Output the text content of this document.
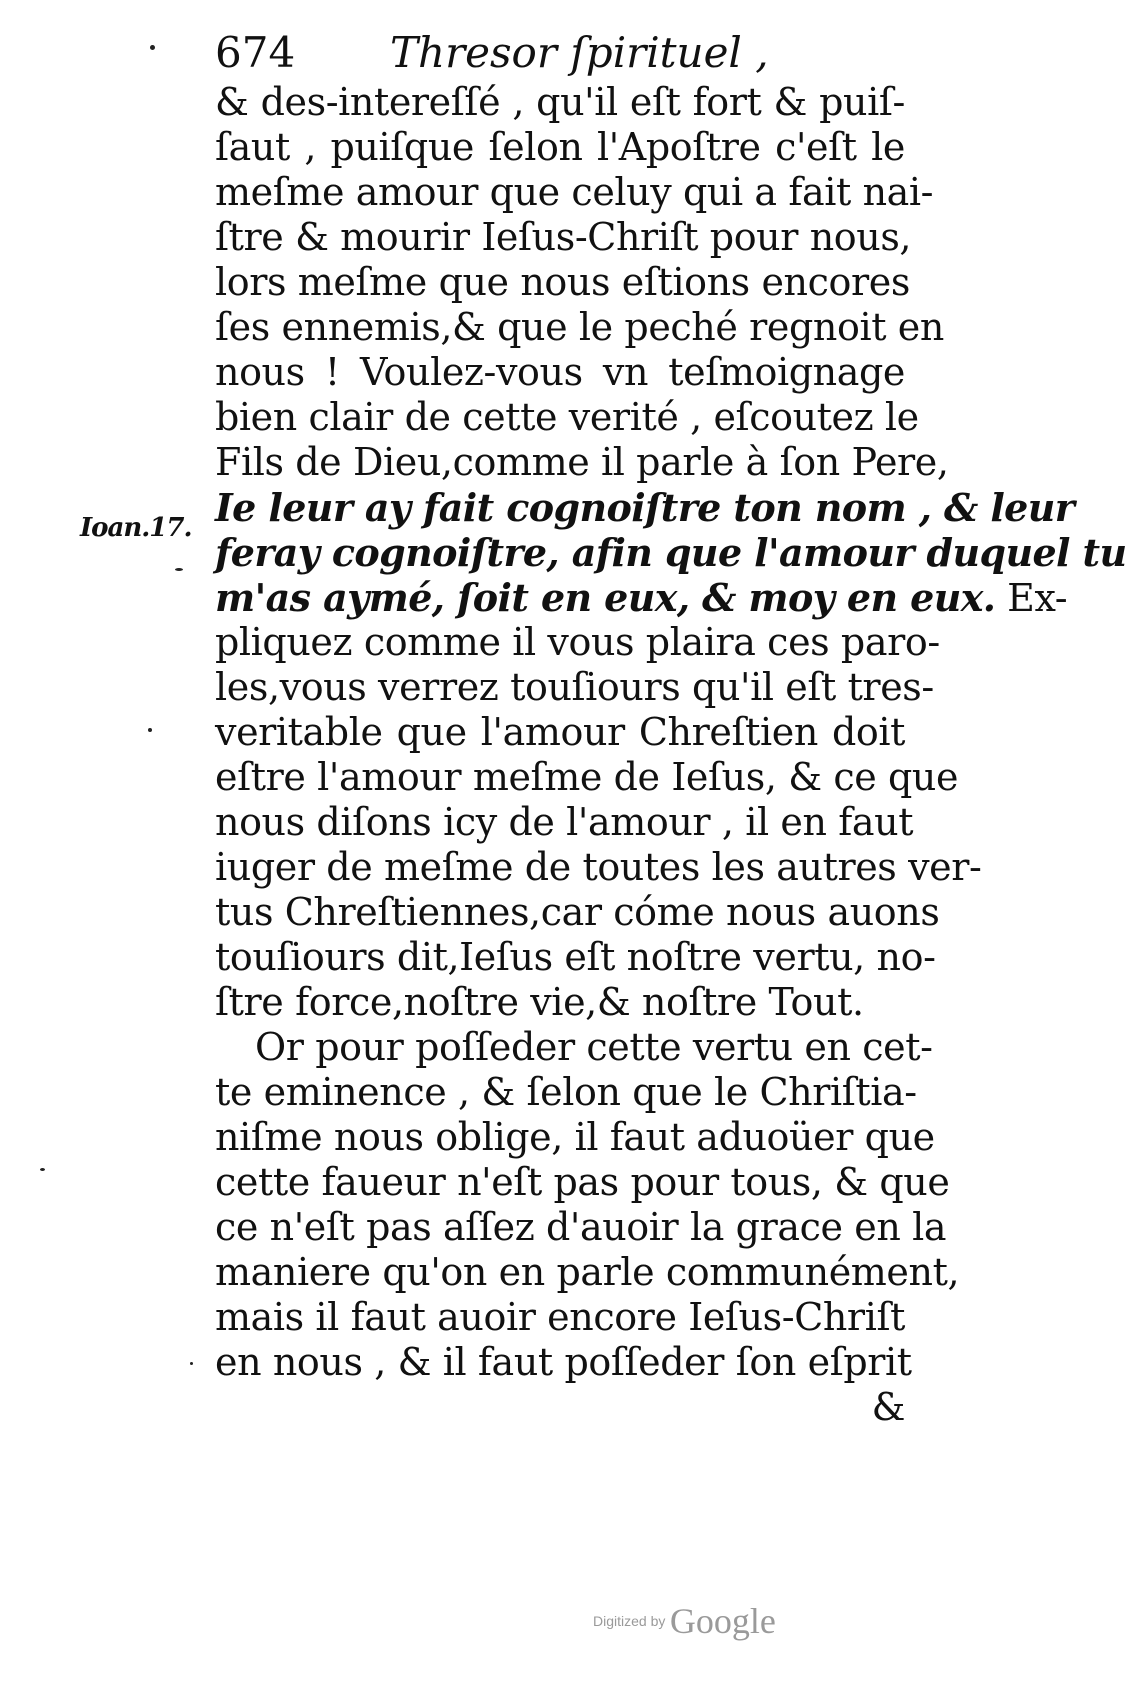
674 Thresor ſpirituel ,
Ioan.17.
& des-intereſſé , qu'il eſt fort & puiſ-
ſaut , puiſque ſelon l'Apoſtre c'eſt le
meſme amour que celuy qui a fait nai-
ſtre & mourir Ieſus-Chriſt pour nous,
lors meſme que nous eſtions encores
ſes ennemis,& que le peché regnoit en
nous ! Voulez-vous vn teſmoignage
bien clair de cette verité , eſcoutez le
Fils de Dieu,comme il parle à ſon Pere,
Ie leur ay fait cognoiſtre ton nom , & leur
feray cognoiſtre, afin que l'amour duquel tu
m'as aymé, ſoit en eux, & moy en eux. Ex-
pliquez comme il vous plaira ces paro-
les,vous verrez touſiours qu'il eſt tres-
veritable que l'amour Chreſtien doit
eſtre l'amour meſme de Ieſus, & ce que
nous diſons icy de l'amour , il en faut
iuger de meſme de toutes les autres ver-
tus Chreſtiennes,car cóme nous auons
touſiours dit,Ieſus eſt noſtre vertu, no-
ſtre force,noſtre vie,& noſtre Tout.
Or pour poſſeder cette vertu en cet-
te eminence , & ſelon que le Chriſtia-
niſme nous oblige, il faut aduoüer que
cette faueur n'eſt pas pour tous, & que
ce n'eſt pas aſſez d'auoir la grace en la
maniere qu'on en parle communément,
mais il faut auoir encore Ieſus-Chriſt
en nous , & il faut poſſeder ſon eſprit
&
Digitized by Google
